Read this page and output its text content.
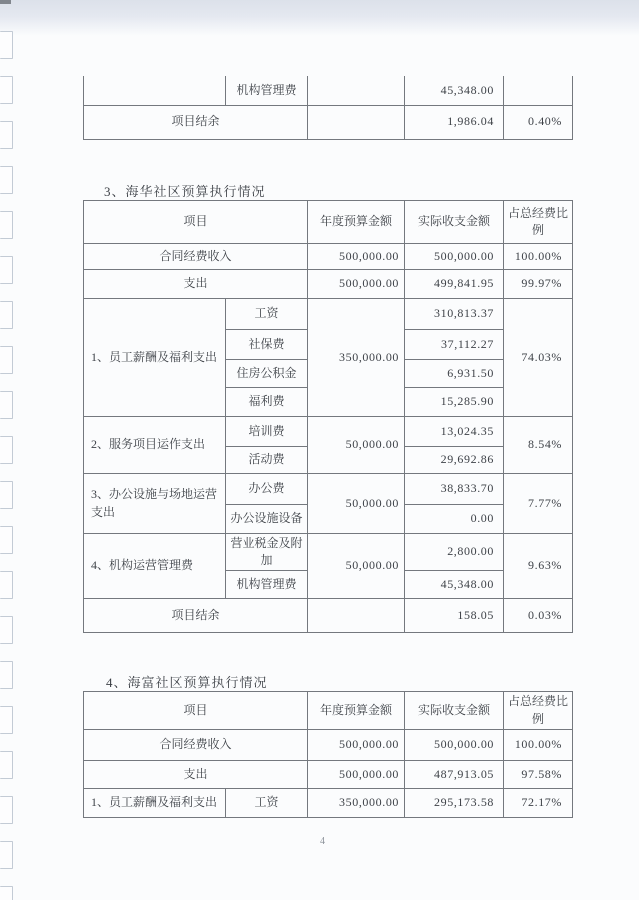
	机构管理费		45,348.00	
项目结余			1,986.04	0.40%
3、海华社区预算执行情况
项目		年度预算金额	实际收支金额	占总经费比例
合同经费收入		500,000.00	500,000.00	100.00%
支出		500,000.00	499,841.95	99.97%
1、员工薪酬及福利支出	工资	350,000.00	310,813.37	74.03%
	社保费		37,112.27	
	住房公积金		6,931.50	
	福利费		15,285.90	
2、服务项目运作支出	培训费	50,000.00	13,024.35	8.54%
	活动费		29,692.86	
3、办公设施与场地运营支出	办公费	50,000.00	38,833.70	7.77%
	办公设施设备		0.00	
4、机构运营管理费	营业税金及附加	50,000.00	2,800.00	9.63%
	机构管理费		45,348.00	
项目结余			158.05	0.03%
4、海富社区预算执行情况
项目		年度预算金额	实际收支金额	占总经费比例
合同经费收入		500,000.00	500,000.00	100.00%
支出		500,000.00	487,913.05	97.58%
1、员工薪酬及福利支出	工资	350,000.00	295,173.58	72.17%
4
